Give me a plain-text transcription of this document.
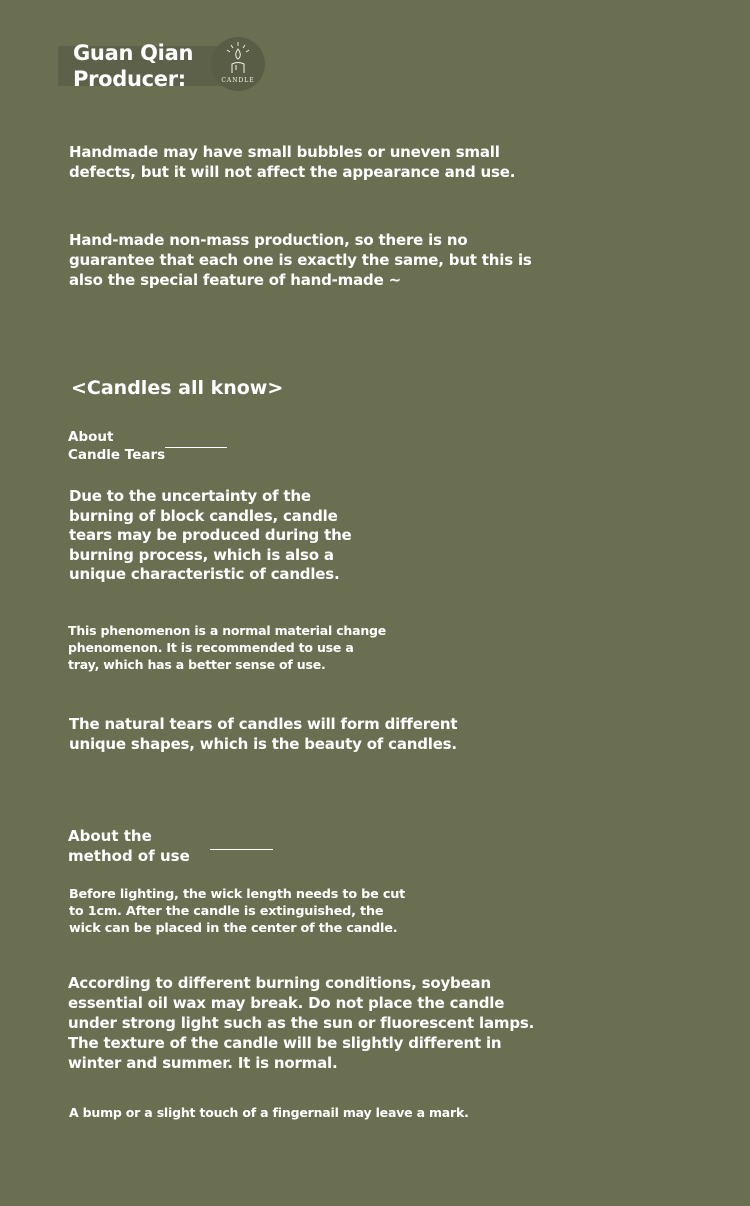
Guan Qian
Producer:	CANDLE
Handmade may have small bubbles or uneven small defects, but it will not affect the appearance and use.
Hand-made non-mass production, so there is no guarantee that each one is exactly the same, but this is also the special feature of hand-made ~
<Candles all know>
About
Candle Tears
Due to the uncertainty of the burning of block candles, candle tears may be produced during the burning process, which is also a unique characteristic of candles.
This phenomenon is a normal material change phenomenon. It is recommended to use a tray, which has a better sense of use.
The natural tears of candles will form different unique shapes, which is the beauty of candles.
About the
method of use
Before lighting, the wick length needs to be cut to 1cm. After the candle is extinguished, the wick can be placed in the center of the candle.
According to different burning conditions, soybean essential oil wax may break. Do not place the candle under strong light such as the sun or fluorescent lamps. The texture of the candle will be slightly different in winter and summer. It is normal.
A bump or a slight touch of a fingernail may leave a mark.
